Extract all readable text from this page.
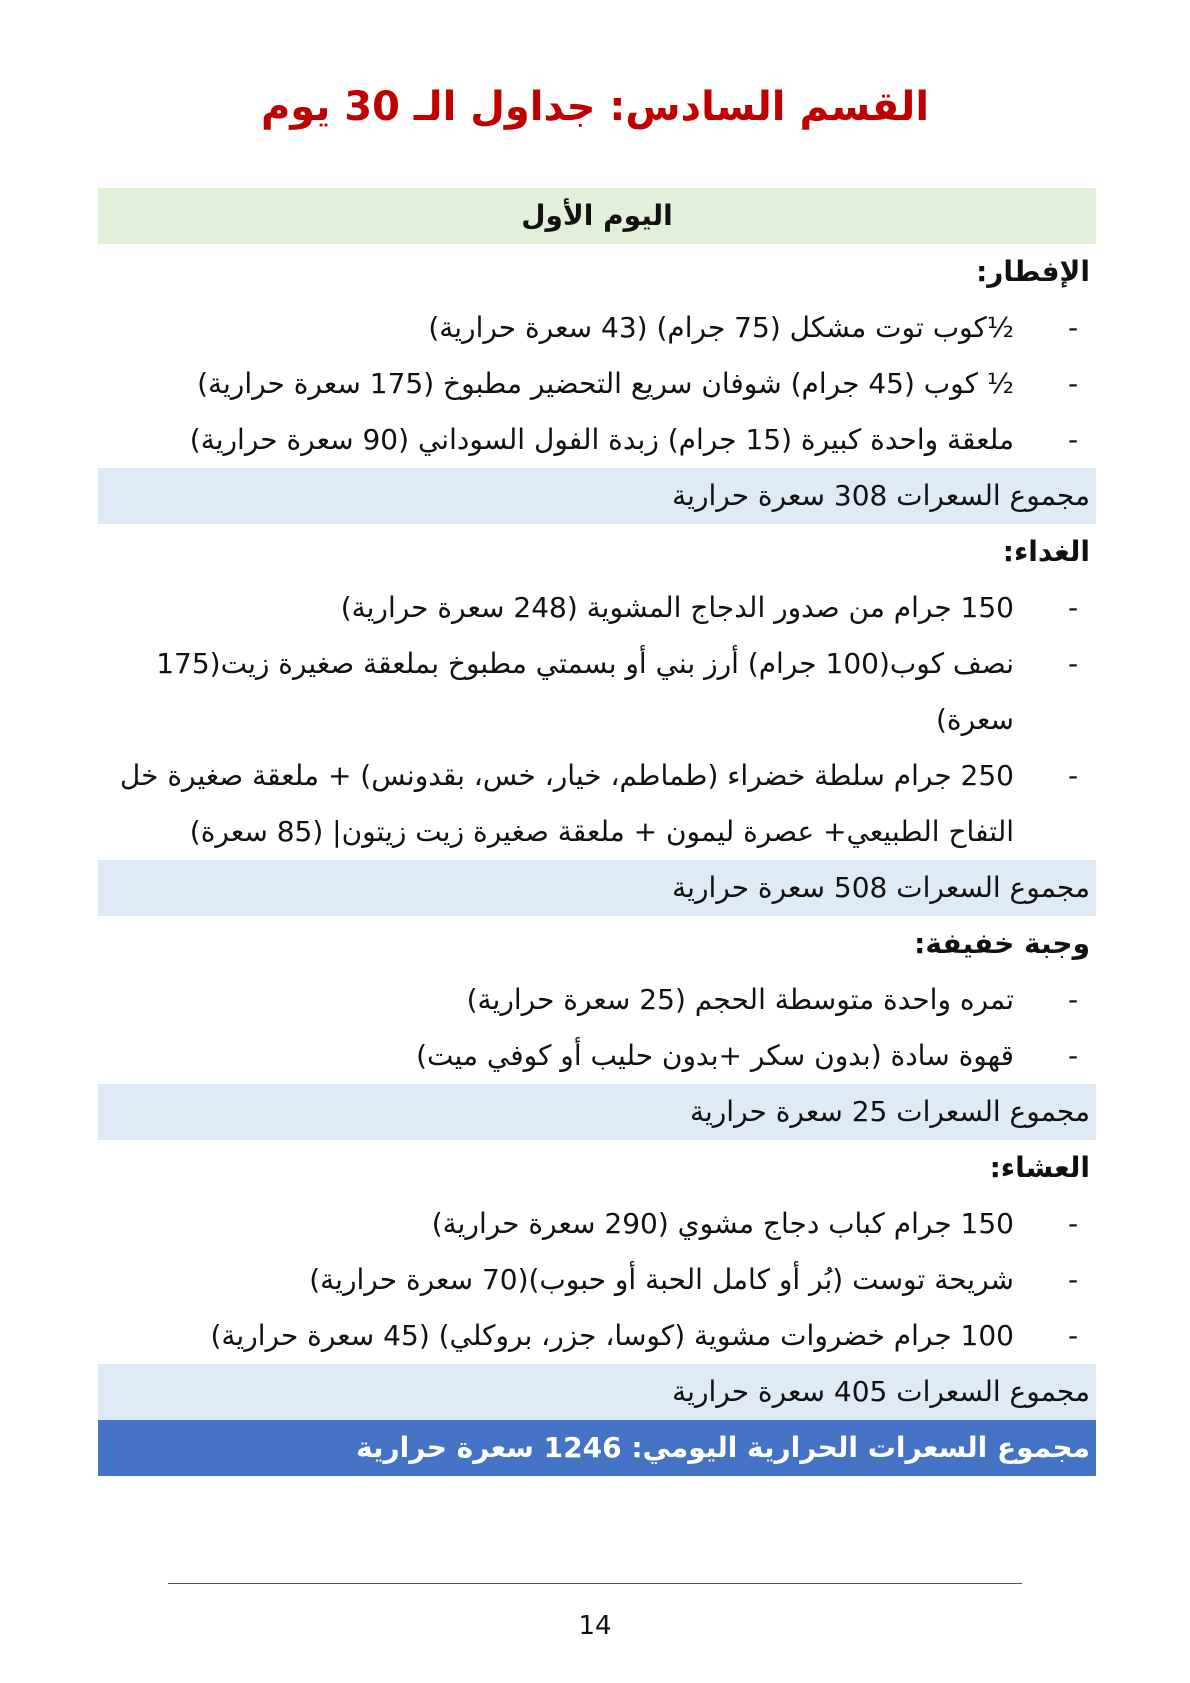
القسم السادس: جداول الـ 30 يوم
اليوم الأول
الإفطار:
-
½كوب توت مشكل (75 جرام) (43 سعرة حرارية)
-
½ كوب (45 جرام) شوفان سريع التحضير مطبوخ (175 سعرة حرارية)
-
ملعقة واحدة كبيرة (15 جرام) زبدة الفول السوداني (90 سعرة حرارية)
مجموع السعرات 308 سعرة حرارية
الغداء:
-
150 جرام من صدور الدجاج المشوية (248 سعرة حرارية)
-
نصف كوب(100 جرام) أرز بني أو بسمتي مطبوخ بملعقة صغيرة زيت(175 سعرة)
-
250 جرام سلطة خضراء (طماطم، خيار، خس، بقدونس) + ملعقة صغيرة خل التفاح الطبيعي+ عصرة ليمون + ملعقة صغيرة زيت زيتون| (85 سعرة)
مجموع السعرات 508 سعرة حرارية
وجبة خفيفة:
-
تمره واحدة متوسطة الحجم (25 سعرة حرارية)
-
قهوة سادة (بدون سكر +بدون حليب أو كوفي ميت)
مجموع السعرات 25 سعرة حرارية
العشاء:
-
150 جرام كباب دجاج مشوي (290 سعرة حرارية)
-
شريحة توست (بُر أو كامل الحبة أو حبوب)(70 سعرة حرارية)
-
100 جرام خضروات مشوية (كوسا، جزر، بروكلي) (45 سعرة حرارية)
مجموع السعرات 405 سعرة حرارية
مجموع السعرات الحرارية اليومي: 1246 سعرة حرارية
14
